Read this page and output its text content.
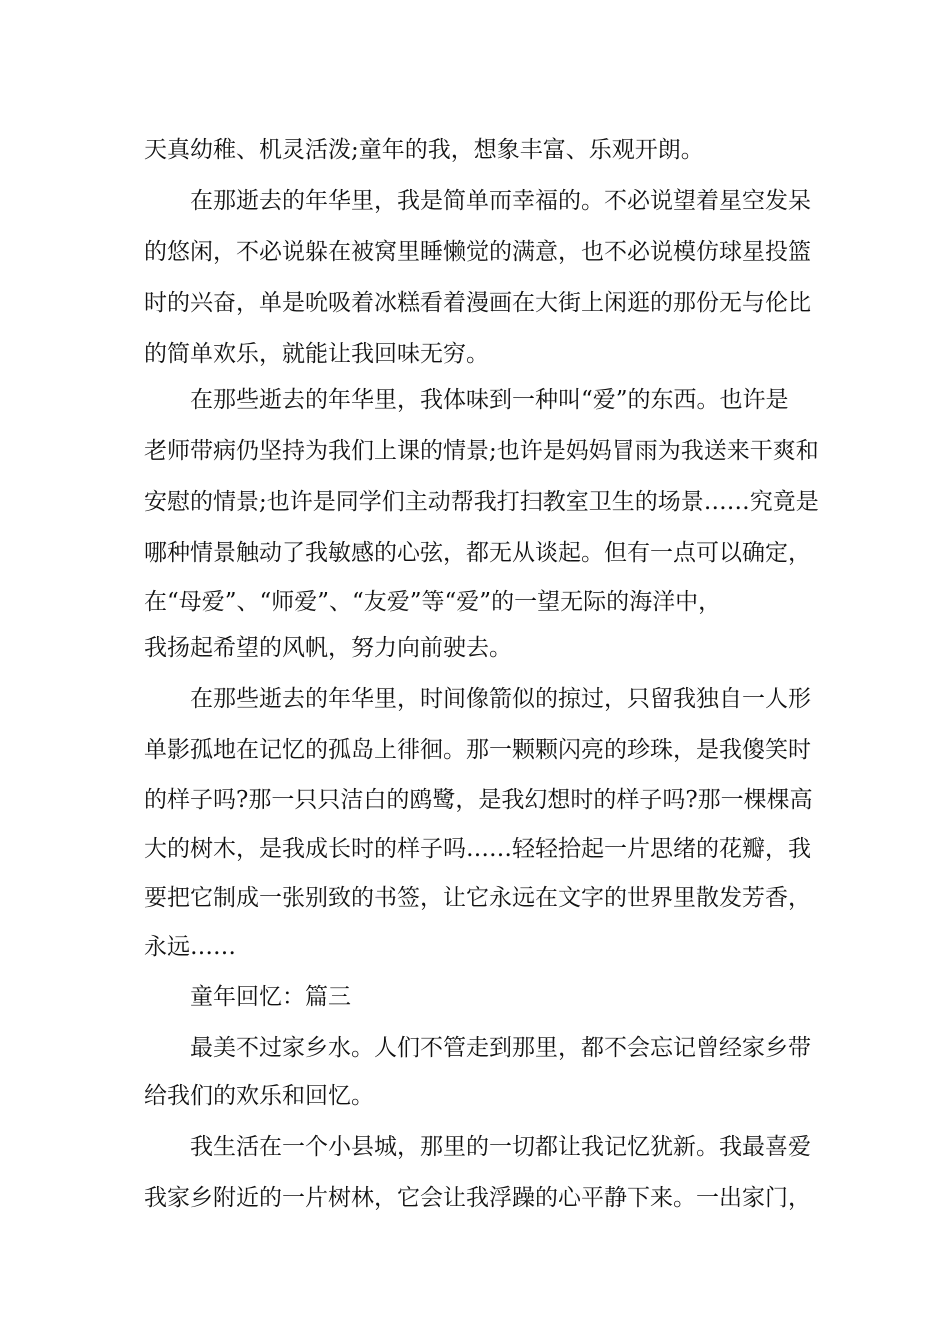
天真幼稚、机灵活泼;童年的我，想象丰富、乐观开朗。

在那逝去的年华里，我是简单而幸福的。不必说望着星空发呆

的悠闲，不必说躲在被窝里睡懒觉的满意，也不必说模仿球星投篮

时的兴奋，单是吮吸着冰糕看着漫画在大街上闲逛的那份无与伦比

的简单欢乐，就能让我回味无穷。

在那些逝去的年华里，我体味到一种叫“爱”的东西。也许是

老师带病仍坚持为我们上课的情景;也许是妈妈冒雨为我送来干爽和

安慰的情景;也许是同学们主动帮我打扫教室卫生的场景……究竟是

哪种情景触动了我敏感的心弦，都无从谈起。但有一点可以确定，

在“母爱”、“师爱”、“友爱”等“爱”的一望无际的海洋中，

我扬起希望的风帆，努力向前驶去。

在那些逝去的年华里，时间像箭似的掠过，只留我独自一人形

单影孤地在记忆的孤岛上徘徊。那一颗颗闪亮的珍珠，是我傻笑时

的样子吗?那一只只洁白的鸥鹭，是我幻想时的样子吗?那一棵棵高

大的树木，是我成长时的样子吗……轻轻拾起一片思绪的花瓣，我

要把它制成一张别致的书签，让它永远在文字的世界里散发芳香，

永远……

童年回忆：篇三

最美不过家乡水。人们不管走到那里，都不会忘记曾经家乡带

给我们的欢乐和回忆。

我生活在一个小县城，那里的一切都让我记忆犹新。我最喜爱

我家乡附近的一片树林，它会让我浮躁的心平静下来。一出家门，
